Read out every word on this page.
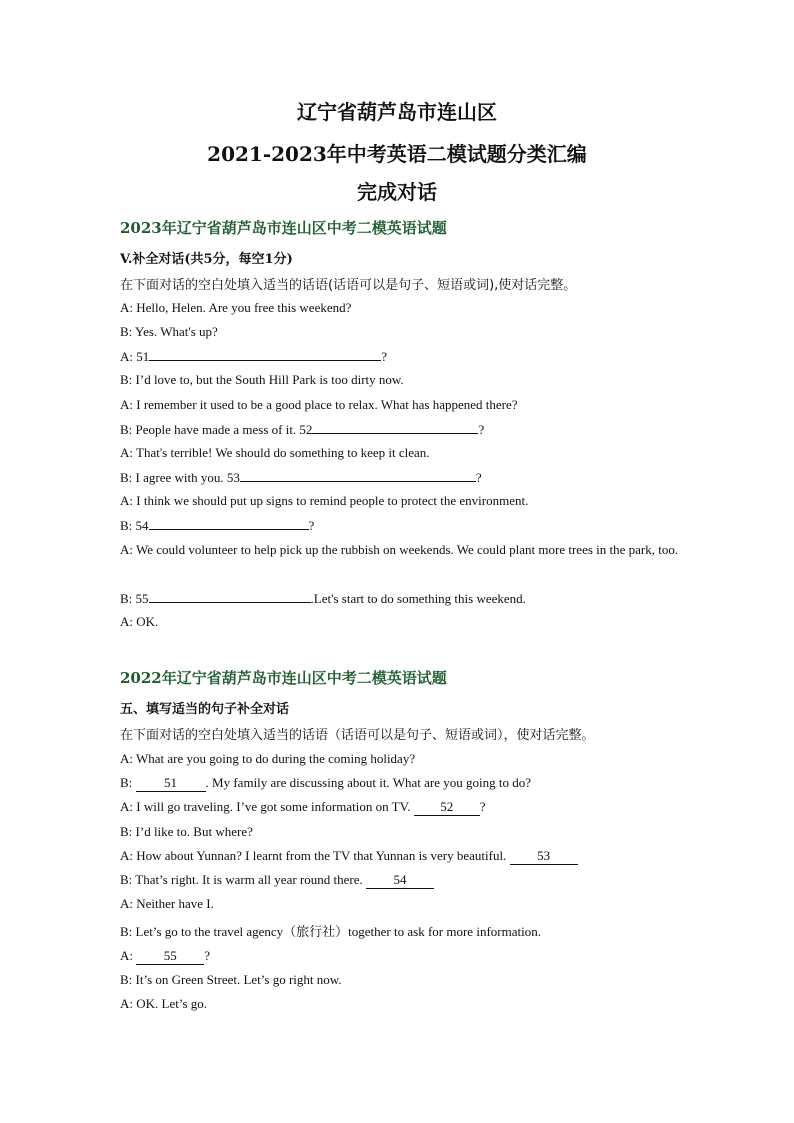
辽宁省葫芦岛市连山区
2021-2023年中考英语二模试题分类汇编
完成对话
2023年辽宁省葫芦岛市连山区中考二模英语试题
V.补全对话(共5分，每空1分)
在下面对话的空白处填入适当的话语(话语可以是句子、短语或词),使对话完整。
A: Hello, Helen. Are you free this weekend?
B: Yes. What's up?
A: 51	?
B: I’d love to, but the South Hill Park is too dirty now.
A: I remember it used to be a good place to relax. What has happened there?
B: People have made a mess of it. 52	?
A: That's terrible! We should do something to keep it clean.
B: I agree with you. 53	?
A: I think we should put up signs to remind people to protect the environment.
B: 54	?
A: We could volunteer to help pick up the rubbish on weekends. We could plant more trees in the park, too.
B: 55	.Let's start to do something this weekend.
A: OK.
2022年辽宁省葫芦岛市连山区中考二模英语试题
五、填写适当的句子补全对话
在下面对话的空白处填入适当的话语（话语可以是句子、短语或词），使对话完整。
A: What are you going to do during the coming holiday?
B: 51 . My family are discussing about it. What are you going to do?
A: I will go traveling. I’ve got some information on TV. 52 ?
B: I’d like to. But where?
A: How about Yunnan? I learnt from the TV that Yunnan is very beautiful. 53
B: That’s right. It is warm all year round there. 54
A: Neither have I.
B: Let’s go to the travel agency（旅行社）together to ask for more information.
A: 55 ?
B: It’s on Green Street. Let’s go right now.
A: OK. Let’s go.
